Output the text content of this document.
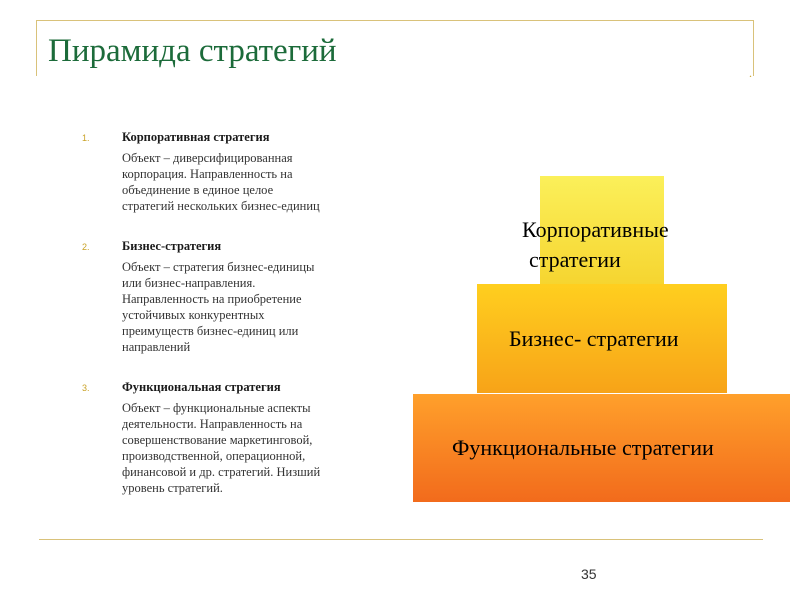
Пирамида стратегий
.
1.	Корпоративная стратегия
	Объект – диверсифицированная
корпорация. Направленность на
объединение в единое целое
стратегий нескольких бизнес-единиц
2.	Бизнес-стратегия
	Объект – стратегия бизнес-единицы
или бизнес-направления.
Направленность на приобретение
устойчивых конкурентных
преимуществ бизнес-единиц или
направлений
3.	Функциональная стратегия
	Объект – функциональные аспекты
деятельности. Направленность на
совершенствование маркетинговой,
производственной, операционной,
финансовой и др. стратегий. Низший
уровень стратегий.
Корпоративные
стратегии
Бизнес- стратегии
Функциональные стратегии
35
